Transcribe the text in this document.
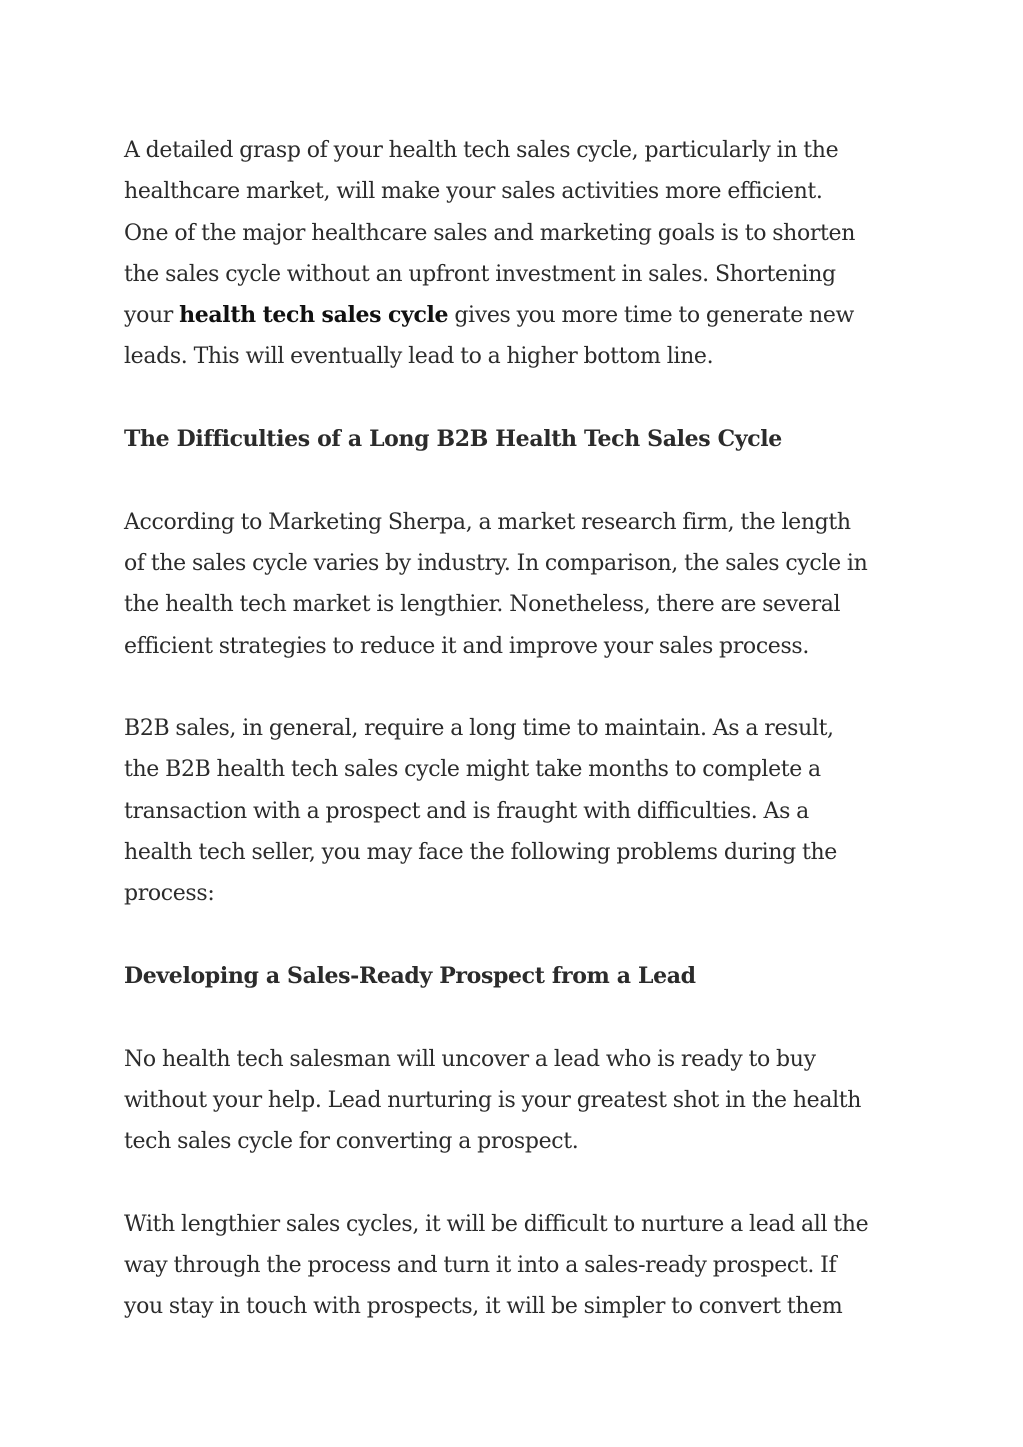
A detailed grasp of your health tech sales cycle, particularly in the
healthcare market, will make your sales activities more efficient.
One of the major healthcare sales and marketing goals is to shorten
the sales cycle without an upfront investment in sales. Shortening
your health tech sales cycle gives you more time to generate new
leads. This will eventually lead to a higher bottom line.
The Difficulties of a Long B2B Health Tech Sales Cycle
According to Marketing Sherpa, a market research firm, the length
of the sales cycle varies by industry. In comparison, the sales cycle in
the health tech market is lengthier. Nonetheless, there are several
efficient strategies to reduce it and improve your sales process.
B2B sales, in general, require a long time to maintain. As a result,
the B2B health tech sales cycle might take months to complete a
transaction with a prospect and is fraught with difficulties. As a
health tech seller, you may face the following problems during the
process:
Developing a Sales-Ready Prospect from a Lead
No health tech salesman will uncover a lead who is ready to buy
without your help. Lead nurturing is your greatest shot in the health
tech sales cycle for converting a prospect.
With lengthier sales cycles, it will be difficult to nurture a lead all the
way through the process and turn it into a sales-ready prospect. If
you stay in touch with prospects, it will be simpler to convert them
